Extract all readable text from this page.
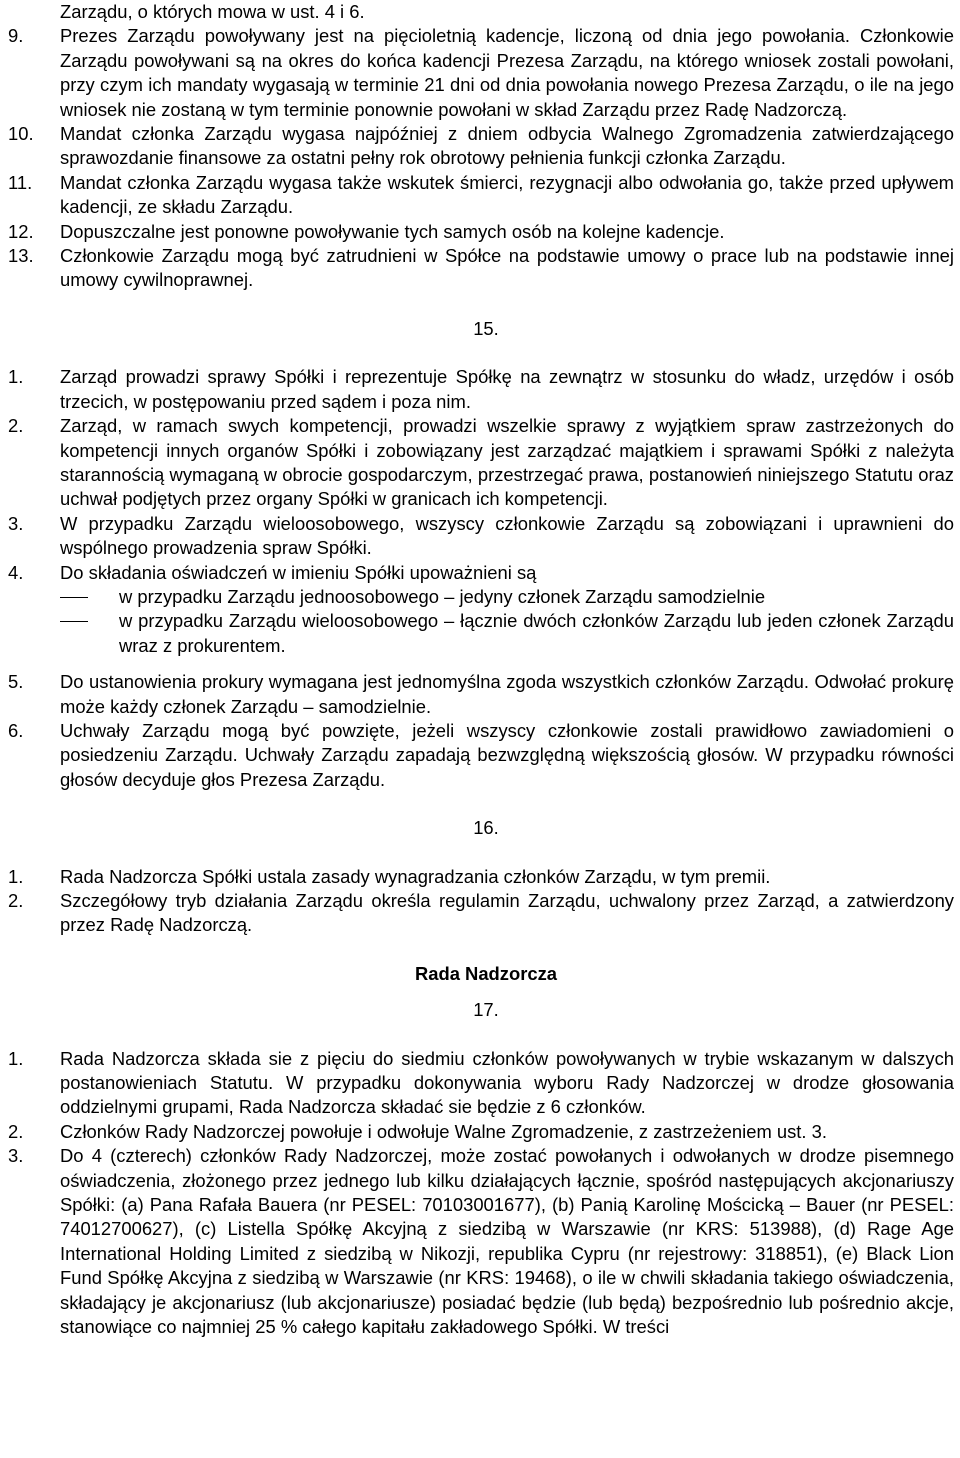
Zarządu, o których mowa w ust. 4 i 6.
9. Prezes Zarządu powoływany jest na pięcioletnią kadencje, liczoną od dnia jego powołania. Członkowie Zarządu powoływani są na okres do końca kadencji Prezesa Zarządu, na którego wniosek zostali powołani, przy czym ich mandaty wygasają w terminie 21 dni od dnia powołania nowego Prezesa Zarządu, o ile na jego wniosek nie zostaną w tym terminie ponownie powołani w skład Zarządu przez Radę Nadzorczą.
10. Mandat członka Zarządu wygasa najpóźniej z dniem odbycia Walnego Zgromadzenia zatwierdzającego sprawozdanie finansowe za ostatni pełny rok obrotowy pełnienia funkcji członka Zarządu.
11. Mandat członka Zarządu wygasa także wskutek śmierci, rezygnacji albo odwołania go, także przed upływem kadencji, ze składu Zarządu.
12. Dopuszczalne jest ponowne powoływanie tych samych osób na kolejne kadencje.
13. Członkowie Zarządu mogą być zatrudnieni w Spółce na podstawie umowy o prace lub na podstawie innej umowy cywilnoprawnej.
15.
1. Zarząd prowadzi sprawy Spółki i reprezentuje Spółkę na zewnątrz w stosunku do władz, urzędów i osób trzecich, w postępowaniu przed sądem i poza nim.
2. Zarząd, w ramach swych kompetencji, prowadzi wszelkie sprawy z wyjątkiem spraw zastrzeżonych do kompetencji innych organów Spółki i zobowiązany jest zarządzać majątkiem i sprawami Spółki z należyta starannością wymaganą w obrocie gospodarczym, przestrzegać prawa, postanowień niniejszego Statutu oraz uchwał podjętych przez organy Spółki w granicach ich kompetencji.
3. W przypadku Zarządu wieloosobowego, wszyscy członkowie Zarządu są zobowiązani i uprawnieni do wspólnego prowadzenia spraw Spółki.
4. Do składania oświadczeń w imieniu Spółki upoważnieni są
w przypadku Zarządu jednoosobowego – jedyny członek Zarządu samodzielnie
w przypadku Zarządu wieloosobowego – łącznie dwóch członków Zarządu lub jeden członek Zarządu wraz z prokurentem.
5. Do ustanowienia prokury wymagana jest jednomyślna zgoda wszystkich członków Zarządu. Odwołać prokurę może każdy członek Zarządu – samodzielnie.
6. Uchwały Zarządu mogą być powzięte, jeżeli wszyscy członkowie zostali prawidłowo zawiadomieni o posiedzeniu Zarządu. Uchwały Zarządu zapadają bezwzględną większością głosów. W przypadku równości głosów decyduje głos Prezesa Zarządu.
16.
1. Rada Nadzorcza Spółki ustala zasady wynagradzania członków Zarządu, w tym premii.
2. Szczegółowy tryb działania Zarządu określa regulamin Zarządu, uchwalony przez Zarząd, a zatwierdzony przez Radę Nadzorczą.
Rada Nadzorcza
17.
1. Rada Nadzorcza składa sie z pięciu do siedmiu członków powoływanych w trybie wskazanym w dalszych postanowieniach Statutu. W przypadku dokonywania wyboru Rady Nadzorczej w drodze głosowania oddzielnymi grupami, Rada Nadzorcza składać sie będzie z 6 członków.
2. Członków Rady Nadzorczej powołuje i odwołuje Walne Zgromadzenie, z zastrzeżeniem ust. 3.
3. Do 4 (czterech) członków Rady Nadzorczej, może zostać powołanych i odwołanych w drodze pisemnego oświadczenia, złożonego przez jednego lub kilku działających łącznie, spośród następujących akcjonariuszy Spółki: (a) Pana Rafała Bauera (nr PESEL: 70103001677), (b) Panią Karolinę Mościcką – Bauer (nr PESEL: 74012700627), (c) Listella Spółkę Akcyjną z siedzibą w Warszawie (nr KRS: 513988), (d) Rage Age International Holding Limited z siedzibą w Nikozji, republika Cypru (nr rejestrowy: 318851), (e) Black Lion Fund Spółkę Akcyjna z siedzibą w Warszawie (nr KRS: 19468), o ile w chwili składania takiego oświadczenia, składający je akcjonariusz (lub akcjonariusze) posiadać będzie (lub będą) bezpośrednio lub pośrednio akcje, stanowiące co najmniej 25 % całego kapitału zakładowego Spółki. W treści
